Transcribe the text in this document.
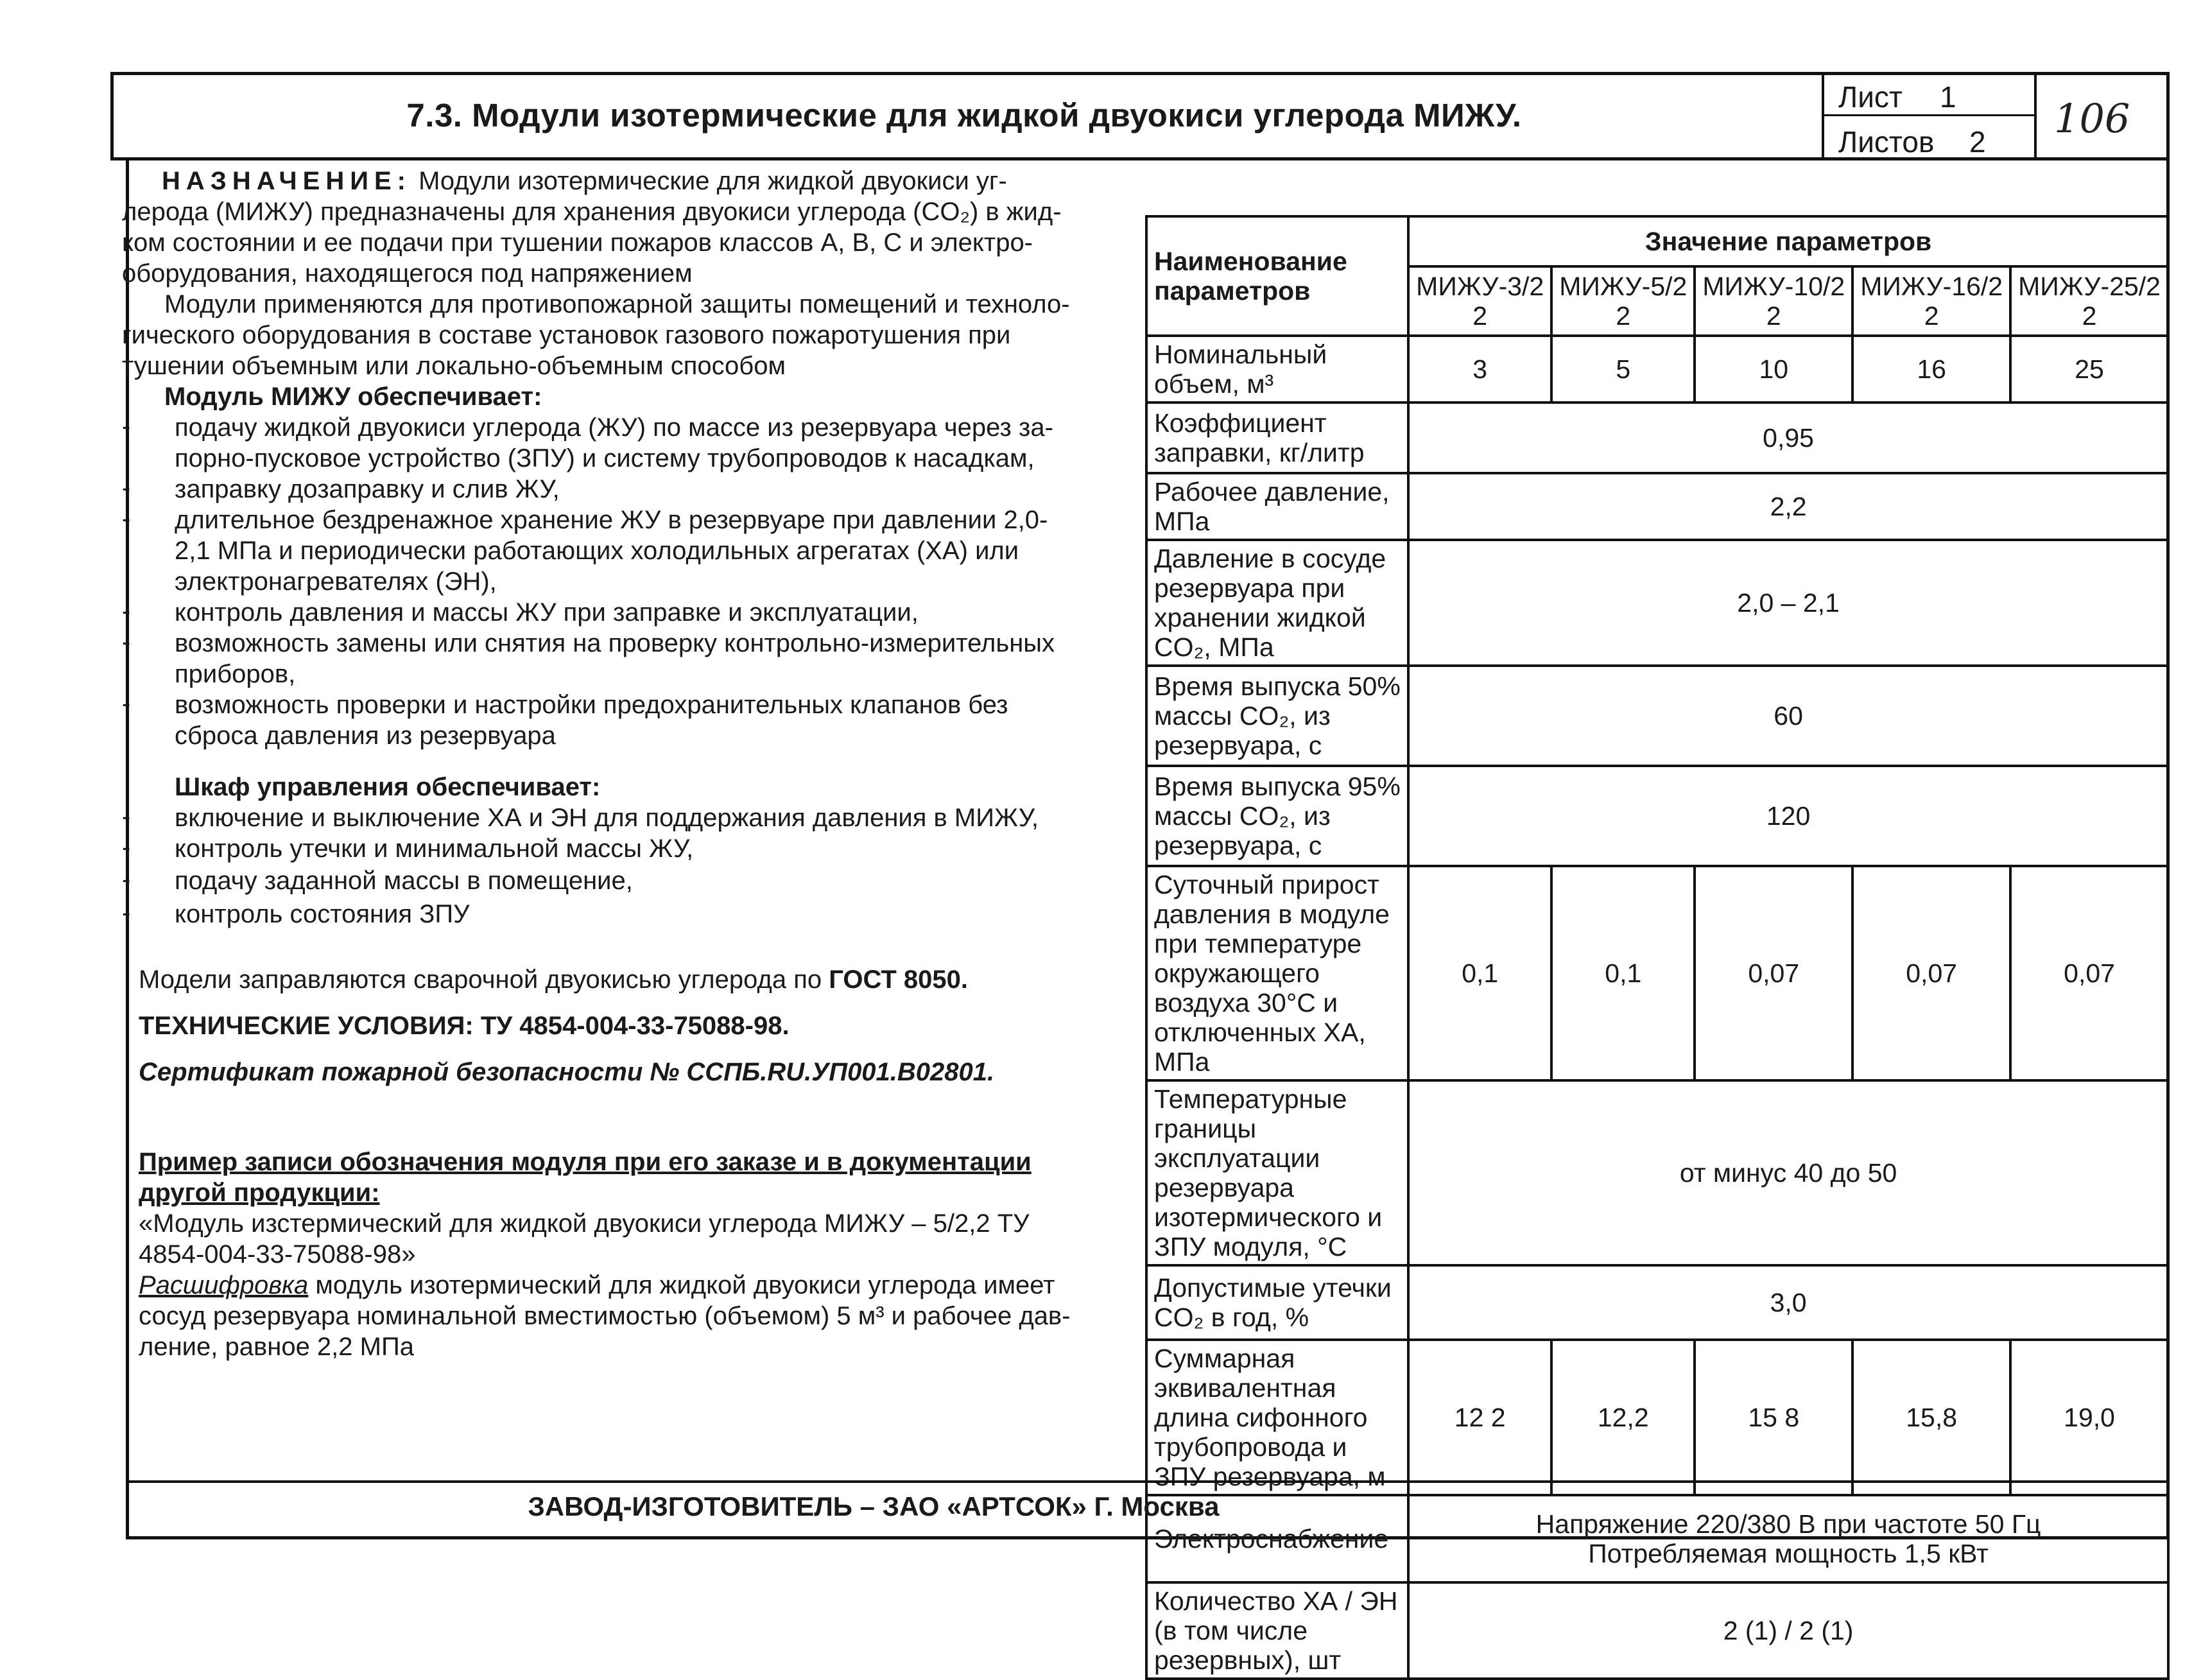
7.3. Модули изотермические для жидкой двуокиси углерода МИЖУ.	Лист 1
Листов 2 106
НАЗНАЧЕНИЕ: Модули изотермические для жидкой двуокиси уг-
лерода (МИЖУ) предназначены для хранения двуокиси углерода (CO₂) в жид-
ком состоянии и ее подачи при тушении пожаров классов А, В, С и электро-
оборудования, находящегося под напряжением
Модули применяются для противопожарной защиты помещений и техноло-
гического оборудования в составе установок газового пожаротушения при
тушении объемным или локально-объемным способом
Модуль МИЖУ обеспечивает:
- подачу жидкой двуокиси углерода (ЖУ) по массе из резервуара через за-
порно-пусковое устройство (ЗПУ) и систему трубопроводов к насадкам,
- заправку дозаправку и слив ЖУ,
- длительное бездренажное хранение ЖУ в резервуаре при давлении 2,0-
2,1 МПа и периодически работающих холодильных агрегатах (ХА) или
электронагревателях (ЭН),
- контроль давления и массы ЖУ при заправке и эксплуатации,
- возможность замены или снятия на проверку контрольно-измерительных
приборов,
- возможность проверки и настройки предохранительных клапанов без
сброса давления из резервуара
Шкаф управления обеспечивает:
- включение и выключение ХА и ЭН для поддержания давления в МИЖУ,
- контроль утечки и минимальной массы ЖУ,
- подачу заданной массы в помещение,
- контроль состояния ЗПУ
Модели заправляются сварочной двуокисью углерода по ГОСТ 8050.
ТЕХНИЧЕСКИЕ УСЛОВИЯ: ТУ 4854-004-33-75088-98.
Сертификат пожарной безопасности № ССПБ.RU.УП001.В02801.
Пример записи обозначения модуля при его заказе и в документации
другой продукции:
«Модуль изстермический для жидкой двуокиси углерода МИЖУ – 5/2,2 ТУ
4854-004-33-75088-98»
Расшифровка модуль изотермический для жидкой двуокиси углерода имеет
сосуд резервуара номинальной вместимостью (объемом) 5 м³ и рабочее дав-
ление, равное 2,2 МПа
Наименование параметров	Значение параметров				
	МИЖУ-3/2 2	МИЖУ-5/2 2	МИЖУ-10/2 2	МИЖУ-16/2 2	МИЖУ-25/2 2
Номинальный объем, м³	3	5	10	16	25
Коэффициент заправки, кг/литр	0,95				
Рабочее давление, МПа	2,2				
Давление в сосуде резервуара при хранении жидкой CO₂, МПа	2,0 – 2,1				
Время выпуска 50% массы CO₂, из резервуара, с	60				
Время выпуска 95% массы CO₂, из резервуара, с	120				
Суточный прирост давления в модуле при температуре окружающего воздуха 30°С и отключенных ХА, МПа	0,1	0,1	0,07	0,07	0,07
Температурные границы эксплуатации резервуара изотермического и ЗПУ модуля, °С	от минус 40 до 50				
Допустимые утечки CO₂ в год, %	3,0				
Суммарная эквивалентная длина сифонного трубопровода и ЗПУ резервуара, м	12 2	12,2	15 8	15,8	19,0
Электроснабжение	Напряжение 220/380 В при частоте 50 Гц Потребляемая мощность 1,5 кВт				
Количество ХА / ЭН (в том числе резервных), шт	2 (1) / 2 (1)				
ЗАВОД-ИЗГОТОВИТЕЛЬ – ЗАО «АРТСОК» Г. Москва
